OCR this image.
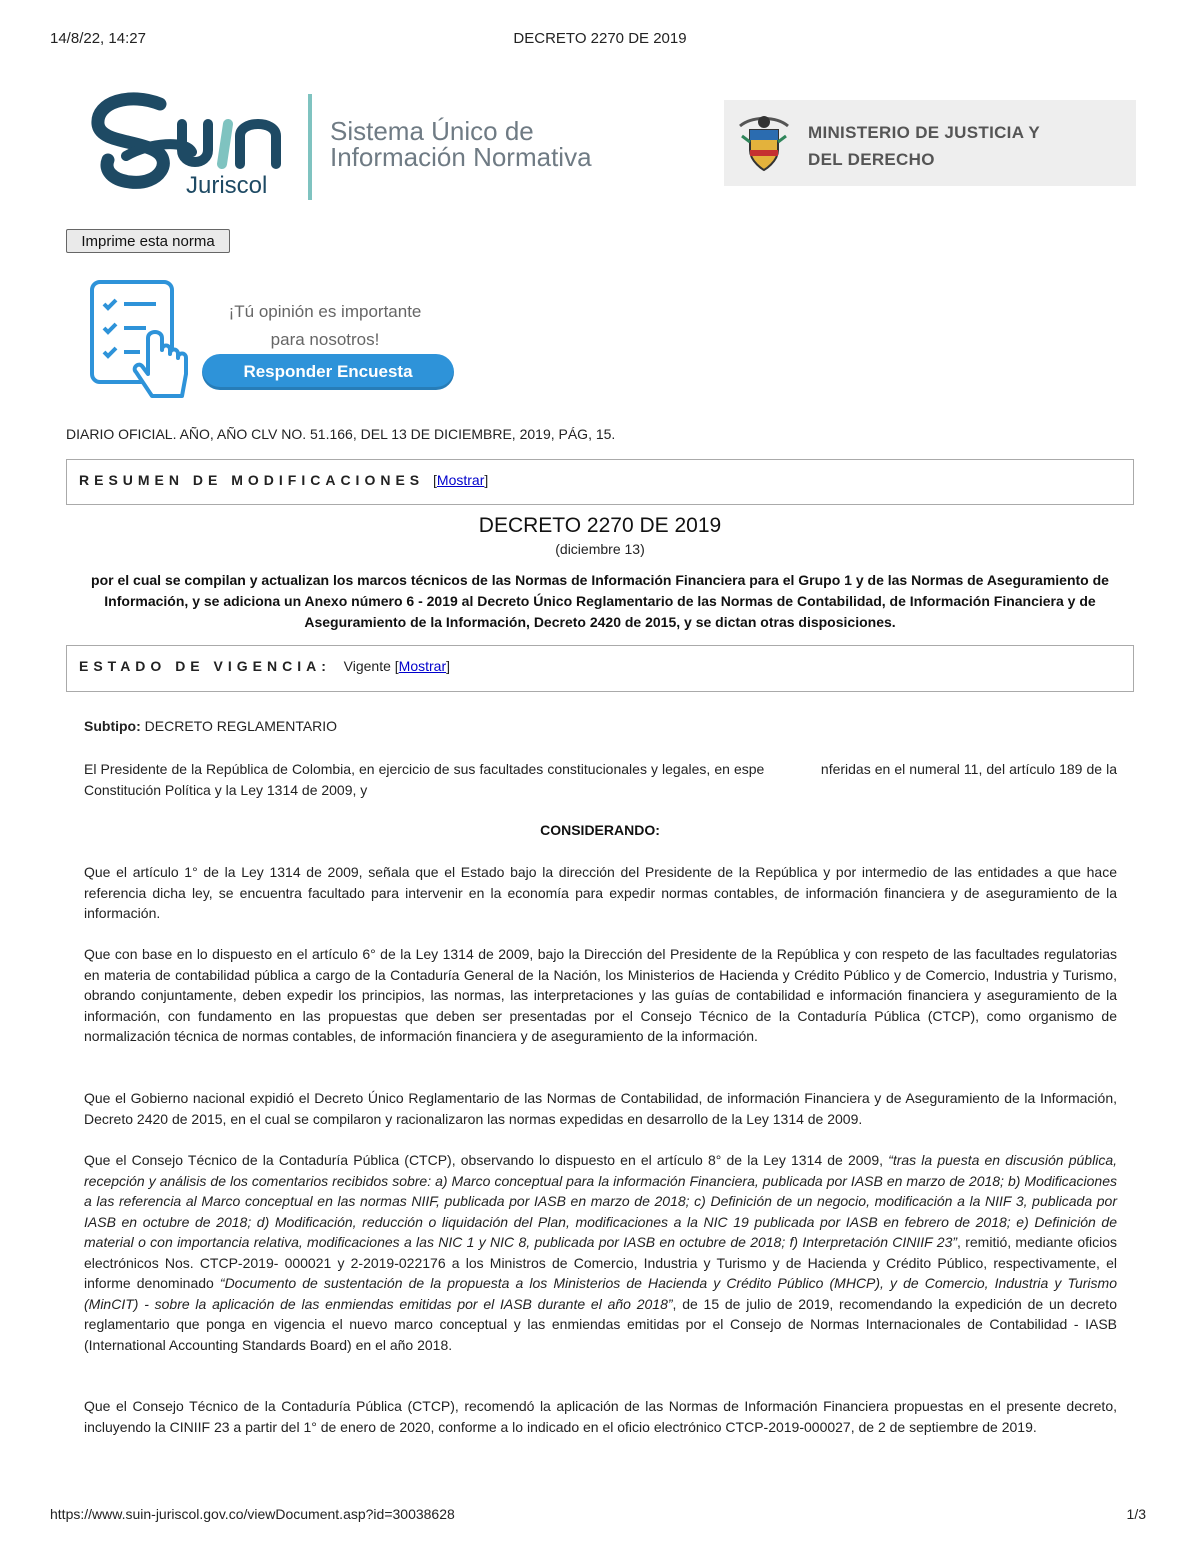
14/8/22, 14:27	DECRETO 2270 DE 2019
Juriscol
Sistema Único de
Información Normativa
MINISTERIO DE JUSTICIA Y
DEL DERECHO
Imprime esta norma
¡Tú opinión es importante
para nosotros!
Responder Encuesta
DIARIO OFICIAL. AÑO, AÑO CLV NO. 51.166, DEL 13 DE DICIEMBRE, 2019, PÁG, 15.
RESUMEN DE MODIFICACIONES [Mostrar]
DECRETO 2270 DE 2019
(diciembre 13)
por el cual se compilan y actualizan los marcos técnicos de las Normas de Información Financiera para el Grupo 1 y de las Normas de Aseguramiento de Información, y se adiciona un Anexo número 6 - 2019 al Decreto Único Reglamentario de las Normas de Contabilidad, de Información Financiera y de Aseguramiento de la Información, Decreto 2420 de 2015, y se dictan otras disposiciones.
ESTADO DE VIGENCIA: Vigente [Mostrar]
Subtipo: DECRETO REGLAMENTARIO
El Presidente de la República de Colombia, en ejercicio de sus facultades constitucionales y legales, en espe              nferidas en el numeral 11, del artículo 189 de la Constitución Política y la Ley 1314 de 2009, y
CONSIDERANDO:
Que el artículo 1° de la Ley 1314 de 2009, señala que el Estado bajo la dirección del Presidente de la República y por intermedio de las entidades a que hace referencia dicha ley, se encuentra facultado para intervenir en la economía para expedir normas contables, de información financiera y de aseguramiento de la información.
Que con base en lo dispuesto en el artículo 6° de la Ley 1314 de 2009, bajo la Dirección del Presidente de la República y con respeto de las facultades regulatorias en materia de contabilidad pública a cargo de la Contaduría General de la Nación, los Ministerios de Hacienda y Crédito Público y de Comercio, Industria y Turismo, obrando conjuntamente, deben expedir los principios, las normas, las interpretaciones y las guías de contabilidad e información financiera y aseguramiento de la información, con fundamento en las propuestas que deben ser presentadas por el Consejo Técnico de la Contaduría Pública (CTCP), como organismo de normalización técnica de normas contables, de información financiera y de aseguramiento de la información.
Que el Gobierno nacional expidió el Decreto Único Reglamentario de las Normas de Contabilidad, de información Financiera y de Aseguramiento de la Información, Decreto 2420 de 2015, en el cual se compilaron y racionalizaron las normas expedidas en desarrollo de la Ley 1314 de 2009.

Que el Consejo Técnico de la Contaduría Pública (CTCP), observando lo dispuesto en el artículo 8° de la Ley 1314 de 2009, “tras la puesta en discusión pública, recepción y análisis de los comentarios recibidos sobre: a) Marco conceptual para la información Financiera, publicada por IASB en marzo de 2018; b) Modificaciones a las referencia al Marco conceptual en las normas NIIF, publicada por IASB en marzo de 2018; c) Definición de un negocio, modificación a la NIIF 3, publicada por IASB en octubre de 2018; d) Modificación, reducción o liquidación del Plan, modificaciones a la NIC 19 publicada por IASB en febrero de 2018; e) Definición de material o con importancia relativa, modificaciones a las NIC 1 y NIC 8, publicada por IASB en octubre de 2018; f) Interpretación CINIIF 23”, remitió, mediante oficios electrónicos Nos. CTCP-2019- 000021 y 2-2019-022176 a los Ministros de Comercio, Industria y Turismo y de Hacienda y Crédito Público, respectivamente, el informe denominado “Documento de sustentación de la propuesta a los Ministerios de Hacienda y Crédito Público (MHCP), y de Comercio, Industria y Turismo (MinCIT) - sobre la aplicación de las enmiendas emitidas por el IASB durante el año 2018”, de 15 de julio de 2019, recomendando la expedición de un decreto reglamentario que ponga en vigencia el nuevo marco conceptual y las enmiendas emitidas por el Consejo de Normas Internacionales de Contabilidad - IASB (International Accounting Standards Board) en el año 2018.

Que el Consejo Técnico de la Contaduría Pública (CTCP), recomendó la aplicación de las Normas de Información Financiera propuestas en el presente decreto, incluyendo la CINIIF 23 a partir del 1° de enero de 2020, conforme a lo indicado en el oficio electrónico CTCP-2019-000027, de 2 de septiembre de 2019.
https://www.suin-juriscol.gov.co/viewDocument.asp?id=30038628	1/3
